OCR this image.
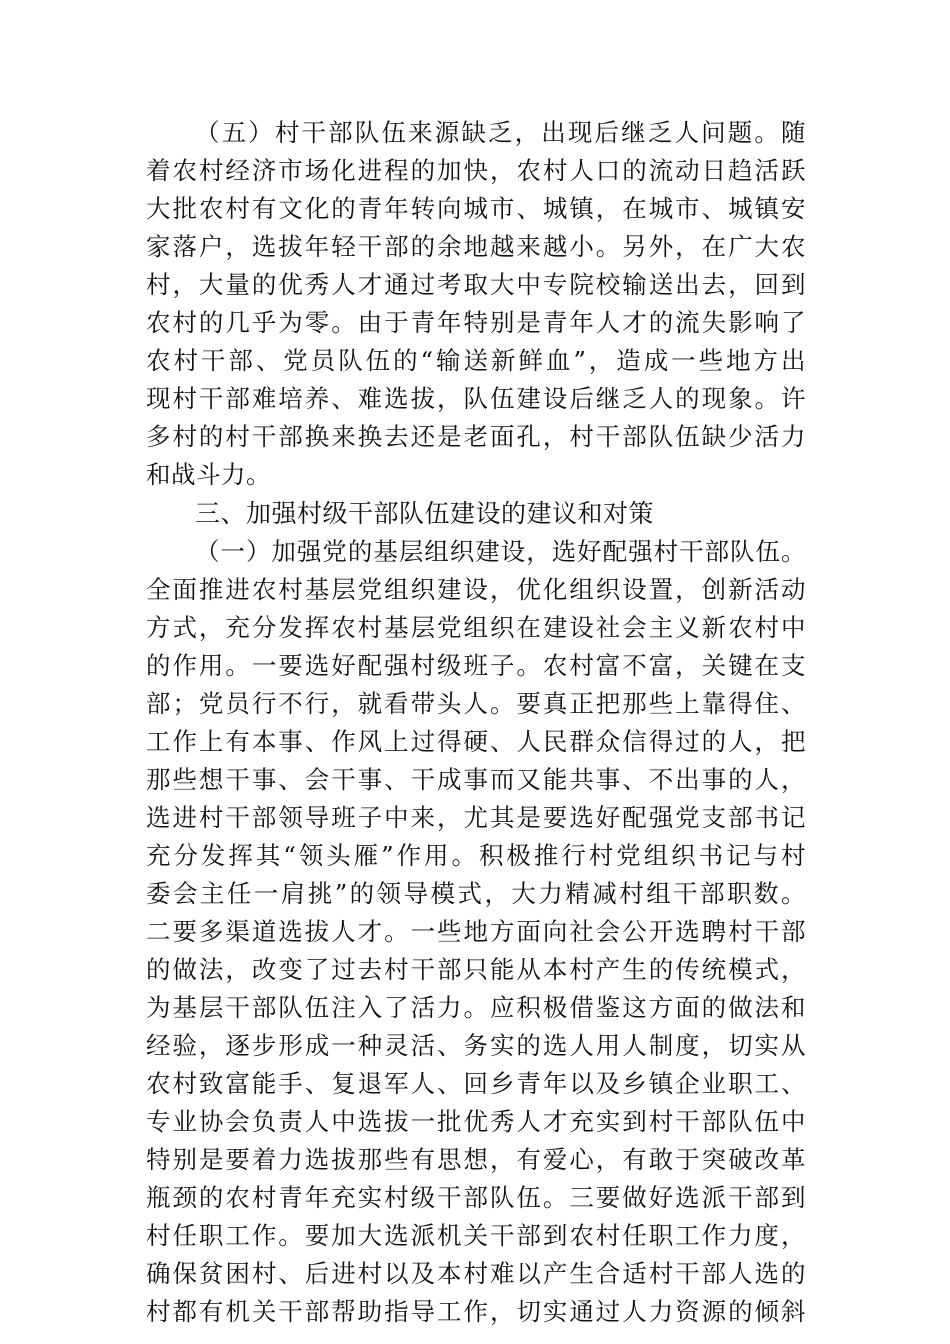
（五）村干部队伍来源缺乏，出现后继乏人问题。随
着农村经济市场化进程的加快，农村人口的流动日趋活跃
大批农村有文化的青年转向城市、城镇，在城市、城镇安
家落户，选拔年轻干部的余地越来越小。另外，在广大农
村，大量的优秀人才通过考取大中专院校输送出去，回到
农村的几乎为零。由于青年特别是青年人才的流失影响了
农村干部、党员队伍的“输送新鲜血”，造成一些地方出
现村干部难培养、难选拔，队伍建设后继乏人的现象。许
多村的村干部换来换去还是老面孔，村干部队伍缺少活力
和战斗力。
三、加强村级干部队伍建设的建议和对策
（一）加强党的基层组织建设，选好配强村干部队伍。
全面推进农村基层党组织建设，优化组织设置，创新活动
方式，充分发挥农村基层党组织在建设社会主义新农村中
的作用。一要选好配强村级班子。农村富不富，关键在支
部；党员行不行，就看带头人。要真正把那些上靠得住、
工作上有本事、作风上过得硬、人民群众信得过的人，把
那些想干事、会干事、干成事而又能共事、不出事的人，
选进村干部领导班子中来，尤其是要选好配强党支部书记
充分发挥其“领头雁”作用。积极推行村党组织书记与村
委会主任一肩挑”的领导模式，大力精减村组干部职数。
二要多渠道选拔人才。一些地方面向社会公开选聘村干部
的做法，改变了过去村干部只能从本村产生的传统模式，
为基层干部队伍注入了活力。应积极借鉴这方面的做法和
经验，逐步形成一种灵活、务实的选人用人制度，切实从
农村致富能手、复退军人、回乡青年以及乡镇企业职工、
专业协会负责人中选拔一批优秀人才充实到村干部队伍中
特别是要着力选拔那些有思想，有爱心，有敢于突破改革
瓶颈的农村青年充实村级干部队伍。三要做好选派干部到
村任职工作。要加大选派机关干部到农村任职工作力度，
确保贫困村、后进村以及本村难以产生合适村干部人选的
村都有机关干部帮助指导工作，切实通过人力资源的倾斜
